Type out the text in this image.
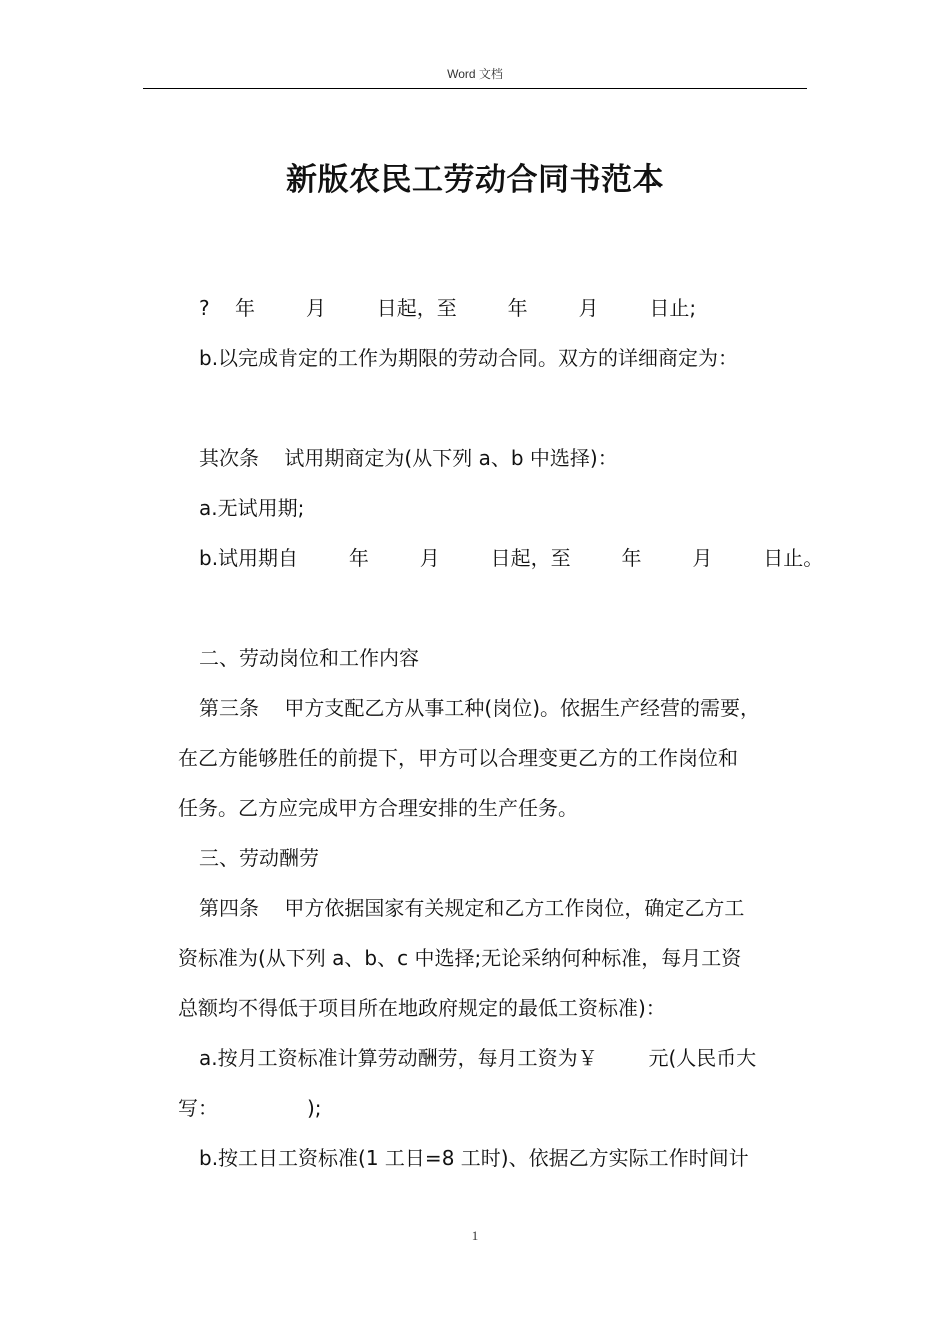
Word 文档
新版农民工劳动合同书范本
?    年        月        日起，至        年        月        日止;
b.以完成肯定的工作为期限的劳动合同。双方的详细商定为：
其次条    试用期商定为(从下列 a、b 中选择)：
a.无试用期;
b.试用期自        年        月        日起，至        年        月        日止。
二、劳动岗位和工作内容
第三条    甲方支配乙方从事工种(岗位)。依据生产经营的需要，
在乙方能够胜任的前提下，甲方可以合理变更乙方的工作岗位和
任务。乙方应完成甲方合理安排的生产任务。
三、劳动酬劳
第四条    甲方依据国家有关规定和乙方工作岗位，确定乙方工
资标准为(从下列 a、b、c 中选择;无论采纳何种标准，每月工资
总额均不得低于项目所在地政府规定的最低工资标准)：
a.按月工资标准计算劳动酬劳，每月工资为￥        元(人民币大
写：              );
b.按工日工资标准(1 工日=8 工时)、依据乙方实际工作时间计
1
